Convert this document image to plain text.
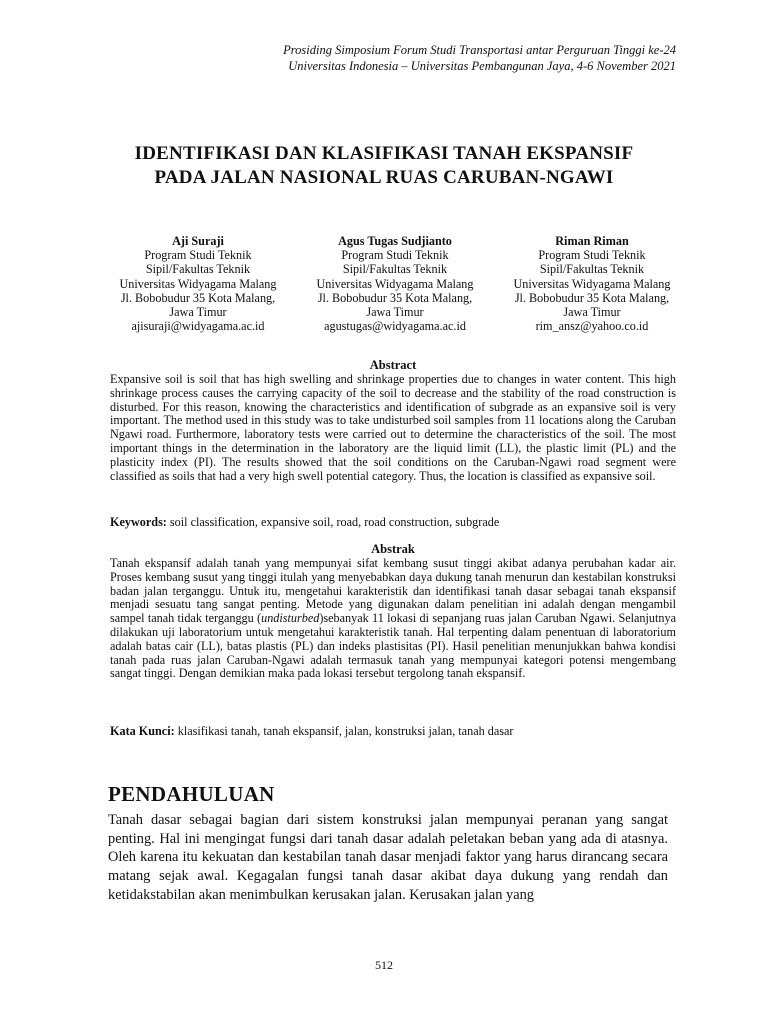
Prosiding Simposium Forum Studi Transportasi antar Perguruan Tinggi ke-24
Universitas Indonesia – Universitas Pembangunan Jaya, 4-6 November 2021
IDENTIFIKASI DAN KLASIFIKASI TANAH EKSPANSIF
PADA JALAN NASIONAL RUAS CARUBAN-NGAWI
Aji Suraji
Program Studi Teknik
Sipil/Fakultas Teknik
Universitas Widyagama Malang
Jl. Bobobudur 35 Kota Malang,
Jawa Timur
ajisuraji@widyagama.ac.id
Agus Tugas Sudjianto
Program Studi Teknik
Sipil/Fakultas Teknik
Universitas Widyagama Malang
Jl. Bobobudur 35 Kota Malang,
Jawa Timur
agustugas@widyagama.ac.id
Riman Riman
Program Studi Teknik
Sipil/Fakultas Teknik
Universitas Widyagama Malang
Jl. Bobobudur 35 Kota Malang,
Jawa Timur
rim_ansz@yahoo.co.id
Abstract

Expansive soil is soil that has high swelling and shrinkage properties due to changes in water content. This high shrinkage process causes the carrying capacity of the soil to decrease and the stability of the road construction is disturbed. For this reason, knowing the characteristics and identification of subgrade as an expansive soil is very important. The method used in this study was to take undisturbed soil samples from 11 locations along the Caruban Ngawi road. Furthermore, laboratory tests were carried out to determine the characteristics of the soil. The most important things in the determination in the laboratory are the liquid limit (LL), the plastic limit (PL) and the plasticity index (PI). The results showed that the soil conditions on the Caruban-Ngawi road segment were classified as soils that had a very high swell potential category. Thus, the location is classified as expansive soil.

Keywords: soil classification, expansive soil, road, road construction, subgrade
Abstrak

Tanah ekspansif adalah tanah yang mempunyai sifat kembang susut tinggi akibat adanya perubahan kadar air. Proses kembang susut yang tinggi itulah yang menyebabkan daya dukung tanah menurun dan kestabilan konstruksi badan jalan terganggu. Untuk itu, mengetahui karakteristik dan identifikasi tanah dasar sebagai tanah ekspansif menjadi sesuatu tang sangat penting. Metode yang digunakan dalam penelitian ini adalah dengan mengambil sampel tanah tidak terganggu (undisturbed)sebanyak 11 lokasi di sepanjang ruas jalan Caruban Ngawi. Selanjutnya dilakukan uji laboratorium untuk mengetahui karakteristik tanah. Hal terpenting dalam penentuan di laboratorium adalah batas cair (LL), batas plastis (PL) dan indeks plastisitas (PI). Hasil penelitian menunjukkan bahwa kondisi tanah pada ruas jalan Caruban-Ngawi adalah termasuk tanah yang mempunyai kategori potensi mengembang sangat tinggi. Dengan demikian maka pada lokasi tersebut tergolong tanah ekspansif.

Kata Kunci: klasifikasi tanah, tanah ekspansif, jalan, konstruksi jalan, tanah dasar
PENDAHULUAN

Tanah dasar sebagai bagian dari sistem konstruksi jalan mempunyai peranan yang sangat penting. Hal ini mengingat fungsi dari tanah dasar adalah peletakan beban yang ada di atasnya. Oleh karena itu kekuatan dan kestabilan tanah dasar menjadi faktor yang harus dirancang secara matang sejak awal. Kegagalan fungsi tanah dasar akibat daya dukung yang rendah dan ketidakstabilan akan menimbulkan kerusakan jalan. Kerusakan jalan yang

512
